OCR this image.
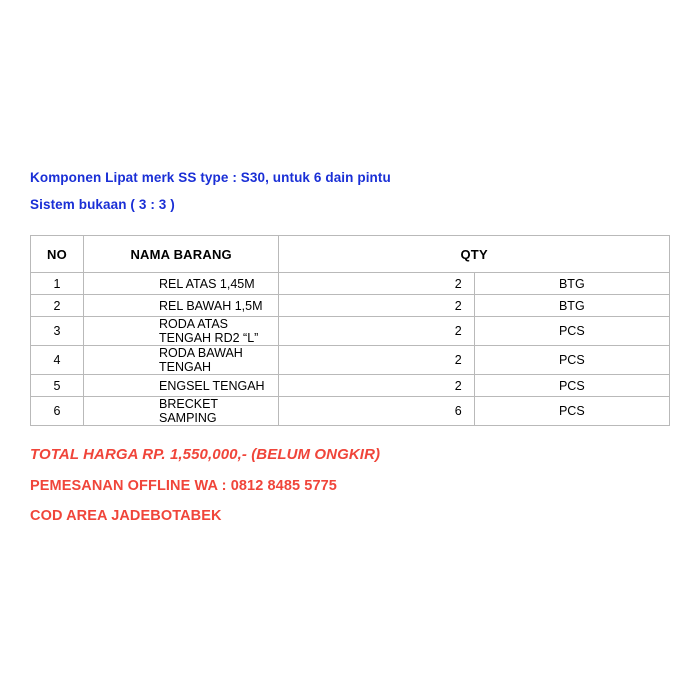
Komponen Lipat merk SS type : S30, untuk 6 dain pintu

Sistem bukaan ( 3 : 3 )

NO	NAMA BARANG	QTY	
1	REL ATAS 1,45M	2	BTG
2	REL BAWAH 1,5M	2	BTG
3	RODA ATAS TENGAH RD2 “L”	2	PCS
4	RODA BAWAH TENGAH	2	PCS
5	ENGSEL TENGAH	2	PCS
6	BRECKET SAMPING	6	PCS

TOTAL HARGA RP. 1,550,000,- (BELUM ONGKIR)

PEMESANAN OFFLINE WA : 0812 8485 5775

COD AREA JADEBOTABEK
